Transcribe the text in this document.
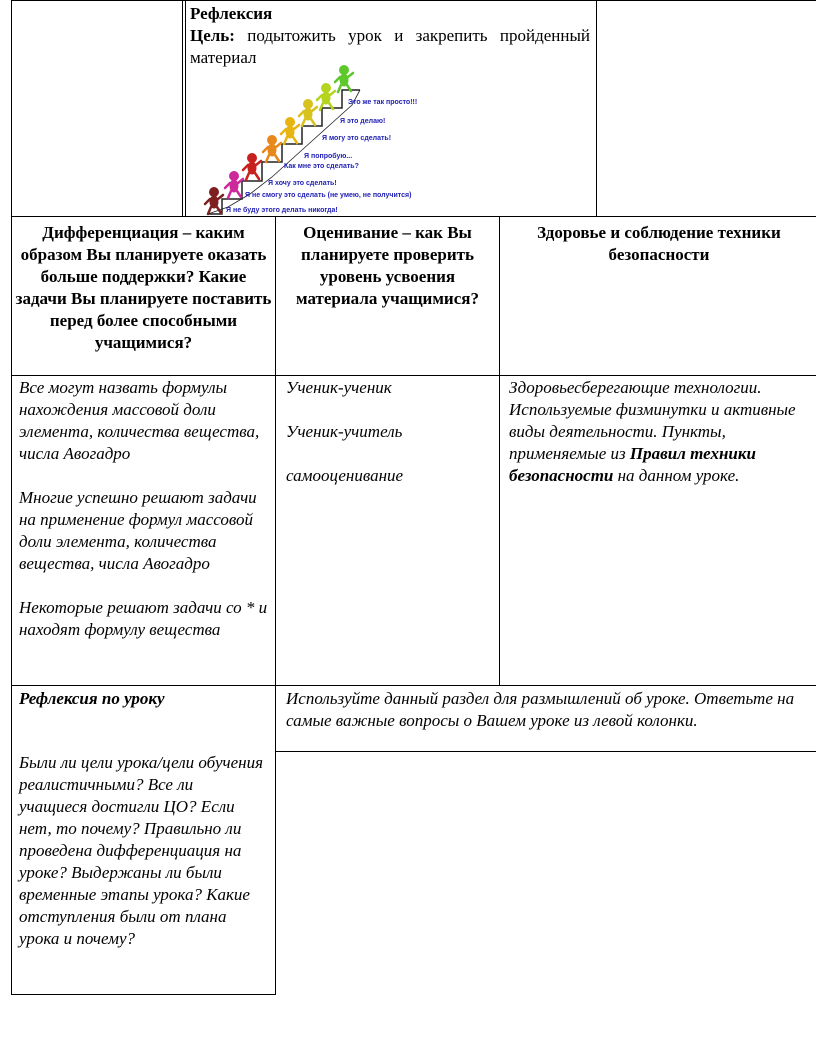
Рефлексия
Цель: подытожить урок и закрепить пройденный материал
Это же так просто!!!
Я это делаю!
Я могу это сделать!
Я попробую...
Как мне это сделать?
Я хочу это сделать!
Я не смогу это сделать (не умею, не получится)
Я не буду этого делать никогда!
Дифференциация – каким образом Вы планируете оказать больше поддержки? Какие задачи Вы планируете поставить перед более способными учащимися?
Оценивание – как Вы планируете проверить уровень усвоения материала учащимися?
Здоровье и соблюдение техники безопасности

Все могут назвать формулы нахождения массовой доли элемента, количества вещества, числа Авогадро

Многие успешно решают задачи на применение формул массовой доли элемента, количества вещества, числа Авогадро

Некоторые решают задачи со * и находят формулу вещества

Ученик-ученик
Ученик-учитель
самооценивание
Здоровьесберегающие технологии. Используемые физминутки и активные виды деятельности. Пункты, применяемые из Правил техники безопасности на данном уроке.
Рефлексия по уроку
Были ли цели урока/цели обучения реалистичными? Все ли учащиеся достигли ЦО? Если нет, то почему? Правильно ли проведена дифференциация на уроке? Выдержаны ли были временные этапы урока? Какие отступления были от плана урока и почему?
Используйте данный раздел для размышлений об уроке. Ответьте на самые важные вопросы о Вашем уроке из левой колонки.
